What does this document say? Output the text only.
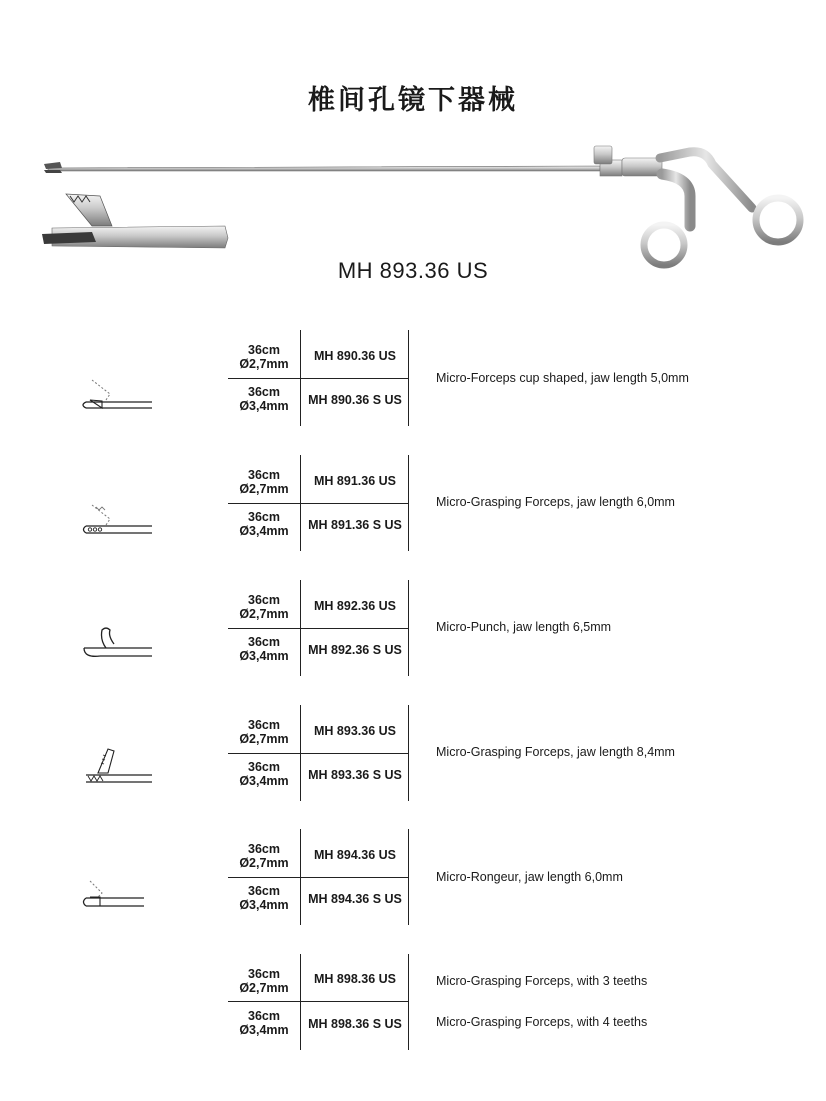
椎间孔镜下器械
MH 893.36 US
36cm
Ø2,7mm
36cm
Ø3,4mm
MH 890.36 US
MH 890.36 S US
Micro-Forceps cup shaped, jaw length 5,0mm
36cm
Ø2,7mm
36cm
Ø3,4mm
MH 891.36 US
MH 891.36 S US
Micro-Grasping Forceps, jaw length 6,0mm
36cm
Ø2,7mm
36cm
Ø3,4mm
MH 892.36 US
MH 892.36 S US
Micro-Punch, jaw length 6,5mm
36cm
Ø2,7mm
36cm
Ø3,4mm
MH 893.36 US
MH 893.36 S US
Micro-Grasping Forceps, jaw length 8,4mm
36cm
Ø2,7mm
36cm
Ø3,4mm
MH 894.36 US
MH 894.36 S US
Micro-Rongeur, jaw length 6,0mm
36cm
Ø2,7mm
36cm
Ø3,4mm
MH 898.36 US
MH 898.36 S US
Micro-Grasping Forceps, with 3 teeths
Micro-Grasping Forceps, with 4 teeths
